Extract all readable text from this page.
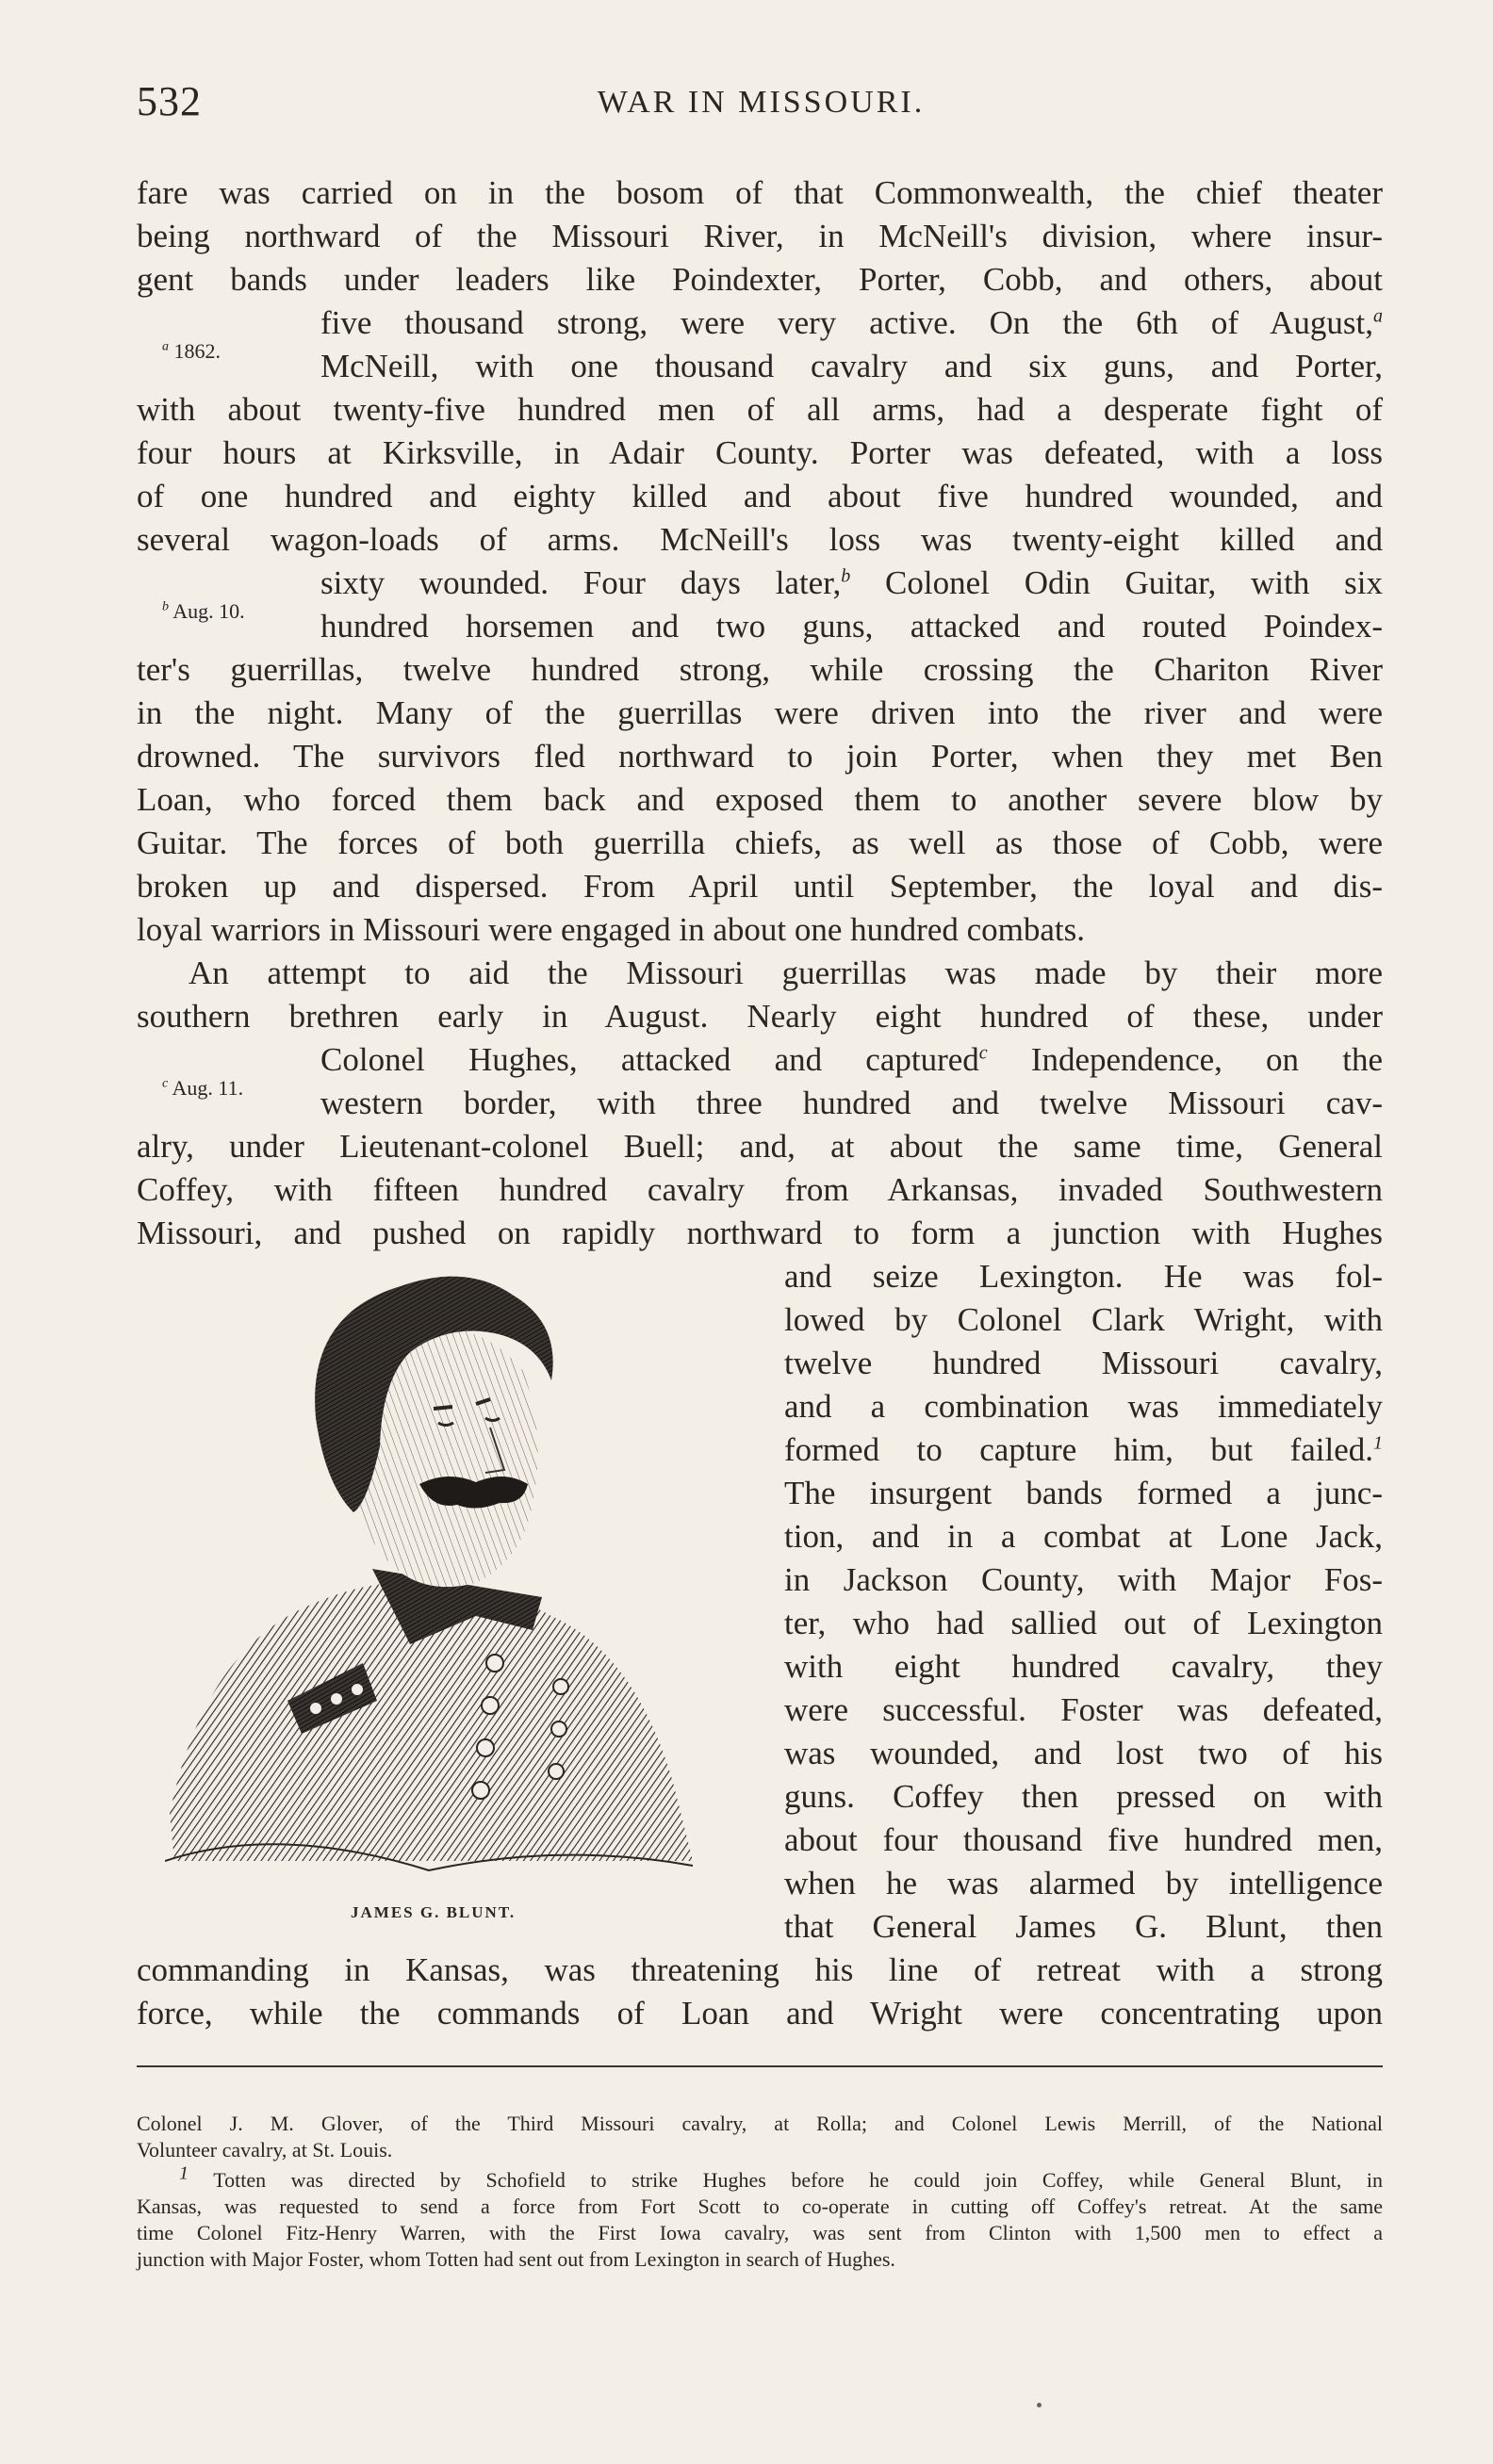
532	WAR IN MISSOURI.
fare was carried on in the bosom of that Commonwealth, the chief theater
being northward of the Missouri River, in McNeill's division, where insur-
gent bands under leaders like Poindexter, Porter, Cobb, and others, about
five thousand strong, were very active. On the 6th of August,$^a$
McNeill, with one thousand cavalry and six guns, and Porter,
with about twenty-five hundred men of all arms, had a desperate fight of
four hours at Kirksville, in Adair County. Porter was defeated, with a loss
of one hundred and eighty killed and about five hundred wounded, and
several wagon-loads of arms. McNeill's loss was twenty-eight killed and
sixty wounded. Four days later,$^b$ Colonel Odin Guitar, with six
hundred horsemen and two guns, attacked and routed Poindex-
ter's guerrillas, twelve hundred strong, while crossing the Chariton River
in the night. Many of the guerrillas were driven into the river and were
drowned. The survivors fled northward to join Porter, when they met Ben
Loan, who forced them back and exposed them to another severe blow by
Guitar. The forces of both guerrilla chiefs, as well as those of Cobb, were
broken up and dispersed. From April until September, the loyal and dis-
loyal warriors in Missouri were engaged in about one hundred combats.
An attempt to aid the Missouri guerrillas was made by their more
southern brethren early in August. Nearly eight hundred of these, under
Colonel Hughes, attacked and captured$^c$ Independence, on the
western border, with three hundred and twelve Missouri cav-
alry, under Lieutenant-colonel Buell; and, at about the same time, General
Coffey, with fifteen hundred cavalry from Arkansas, invaded Southwestern
Missouri, and pushed on rapidly northward to form a junction with Hughes
and seize Lexington. He was fol-
lowed by Colonel Clark Wright, with
twelve hundred Missouri cavalry,
and a combination was immediately
formed to capture him, but failed.$^1$
The insurgent bands formed a junc-
tion, and in a combat at Lone Jack,
in Jackson County, with Major Fos-
ter, who had sallied out of Lexington
with eight hundred cavalry, they
were successful. Foster was defeated,
was wounded, and lost two of his
guns. Coffey then pressed on with
about four thousand five hundred men,
when he was alarmed by intelligence
that General James G. Blunt, then
commanding in Kansas, was threatening his line of retreat with a strong
force, while the commands of Loan and Wright were concentrating upon
$^a$ 1862.
$^b$ Aug. 10.
$^c$ Aug. 11.
JAMES G. BLUNT.
Colonel J. M. Glover, of the Third Missouri cavalry, at Rolla; and Colonel Lewis Merrill, of the National
Volunteer cavalry, at St. Louis.
1 Totten was directed by Schofield to strike Hughes before he could join Coffey, while General Blunt, in
Kansas, was requested to send a force from Fort Scott to co-operate in cutting off Coffey's retreat. At the same
time Colonel Fitz-Henry Warren, with the First Iowa cavalry, was sent from Clinton with 1,500 men to effect a
junction with Major Foster, whom Totten had sent out from Lexington in search of Hughes.
